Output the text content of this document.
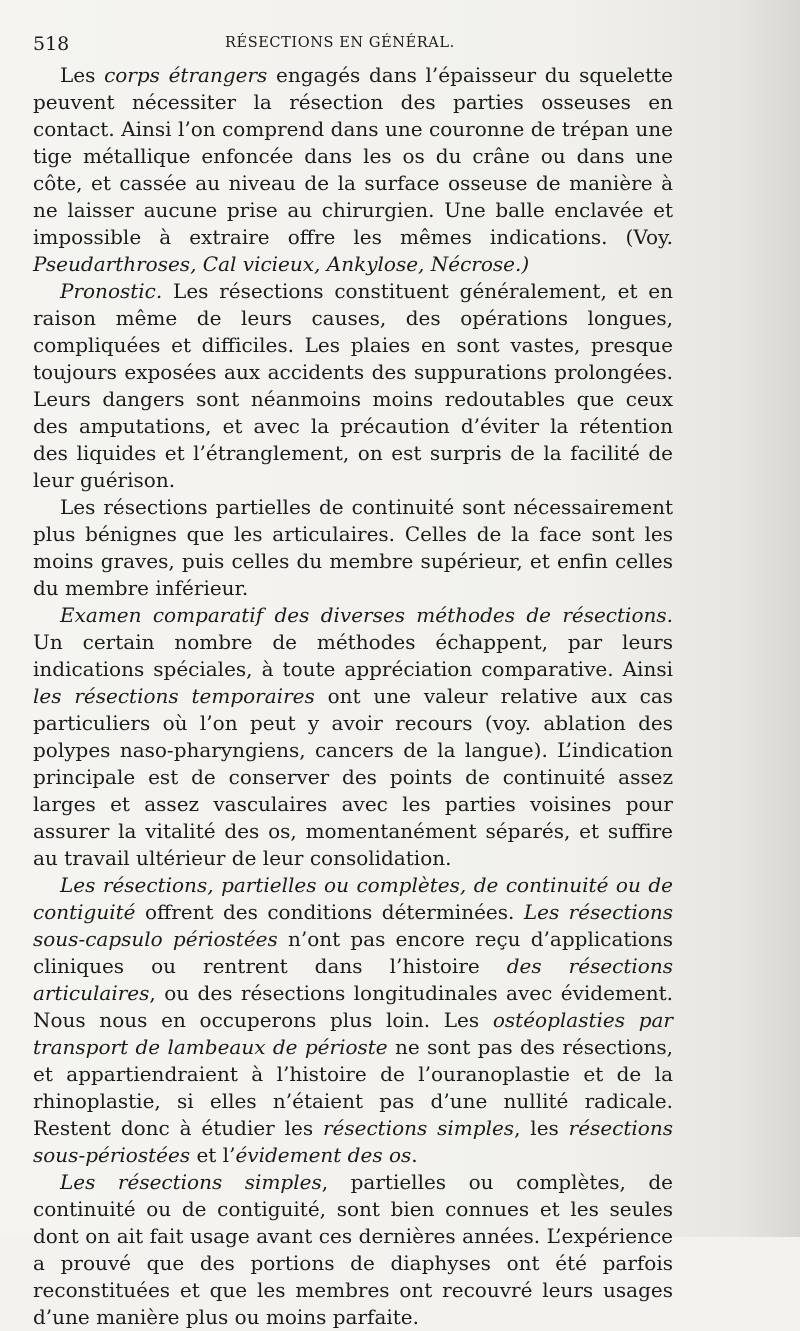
518	RÉSECTIONS EN GÉNÉRAL.

Les corps étrangers engagés dans l’épaisseur du squelette peuvent nécessiter la résection des parties osseuses en contact. Ainsi l’on comprend dans une couronne de trépan une tige métallique enfoncée dans les os du crâne ou dans une côte, et cassée au niveau de la surface osseuse de manière à ne laisser aucune prise au chirurgien. Une balle enclavée et impossible à extraire offre les mêmes indications. (Voy. Pseudarthroses, Cal vicieux, Ankylose, Nécrose.)

Pronostic. Les résections constituent généralement, et en raison même de leurs causes, des opérations longues, compliquées et difficiles. Les plaies en sont vastes, presque toujours exposées aux accidents des suppurations prolongées. Leurs dangers sont néanmoins moins redoutables que ceux des amputations, et avec la précaution d’éviter la rétention des liquides et l’étranglement, on est surpris de la facilité de leur guérison.

Les résections partielles de continuité sont nécessairement plus bénignes que les articulaires. Celles de la face sont les moins graves, puis celles du membre supérieur, et enfin celles du membre inférieur.

Examen comparatif des diverses méthodes de résections. Un certain nombre de méthodes échappent, par leurs indications spéciales, à toute appréciation comparative. Ainsi les résections temporaires ont une valeur relative aux cas particuliers où l’on peut y avoir recours (voy. ablation des polypes naso-pharyngiens, cancers de la langue). L’indication principale est de conserver des points de continuité assez larges et assez vasculaires avec les parties voisines pour assurer la vitalité des os, momentanément séparés, et suffire au travail ultérieur de leur consolidation.

Les résections, partielles ou complètes, de continuité ou de contiguité offrent des conditions déterminées. Les résections sous-capsulo périostées n’ont pas encore reçu d’applications cliniques ou rentrent dans l’histoire des résections articulaires, ou des résections longitudinales avec évidement. Nous nous en occuperons plus loin. Les ostéoplasties par transport de lambeaux de périoste ne sont pas des résections, et appartiendraient à l’histoire de l’ouranoplastie et de la rhinoplastie, si elles n’étaient pas d’une nullité radicale. Restent donc à étudier les résections simples, les résections sous-périostées et l’évidement des os.

Les résections simples, partielles ou complètes, de continuité ou de contiguité, sont bien connues et les seules dont on ait fait usage avant ces dernières années. L’expérience a prouvé que des portions de diaphyses ont été parfois reconstituées et que les membres ont recouvré leurs usages d’une manière plus ou moins parfaite.
